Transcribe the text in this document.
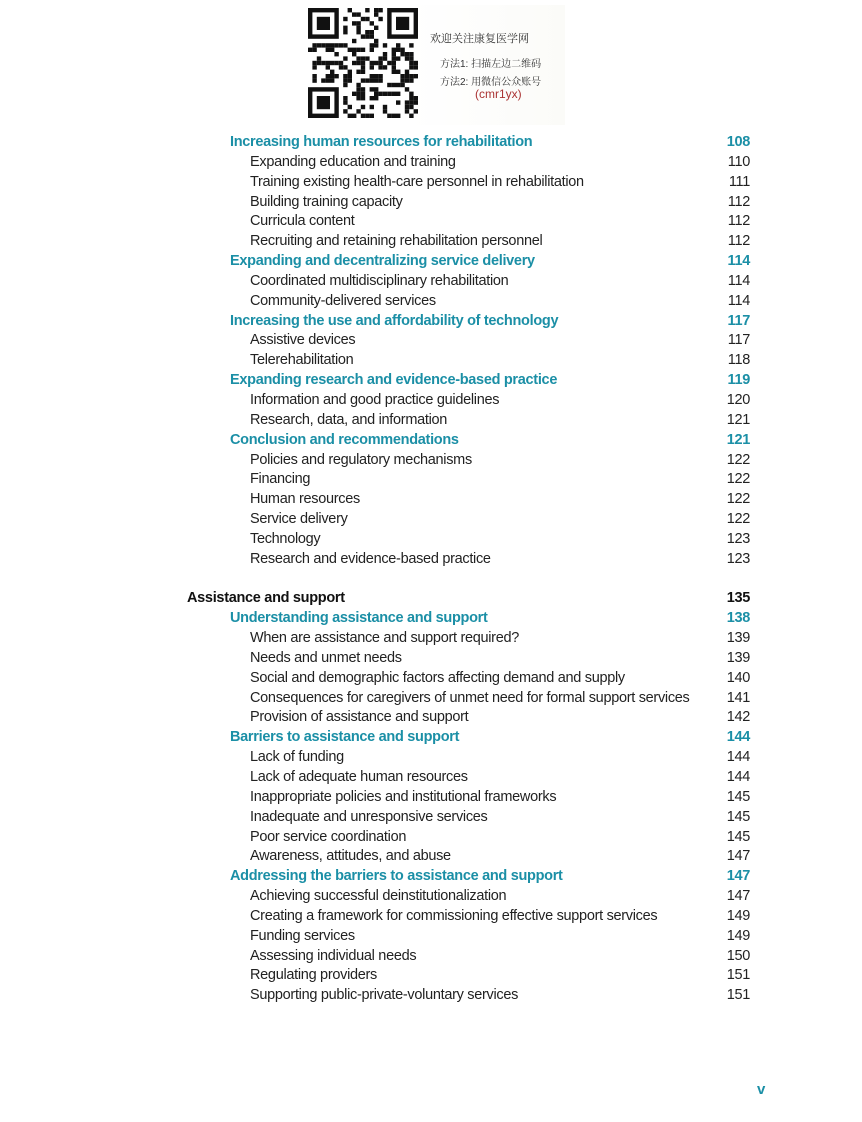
欢迎关注康复医学网
方法1: 扫描左边二维码
方法2: 用微信公众账号
(cmr1yx)
Increasing human resources for rehabilitation	108
Expanding education and training	110
Training existing health-care personnel in rehabilitation	111
Building training capacity	112
Curricula content	112
Recruiting and retaining rehabilitation personnel	112
Expanding and decentralizing service delivery	114
Coordinated multidisciplinary rehabilitation	114
Community-delivered services	114
Increasing the use and affordability of technology	117
Assistive devices	117
Telerehabilitation	118
Expanding research and evidence-based practice	119
Information and good practice guidelines	120
Research, data, and information	121
Conclusion and recommendations	121
Policies and regulatory mechanisms	122
Financing	122
Human resources	122
Service delivery	122
Technology	123
Research and evidence-based practice	123
Assistance and support	135
Understanding assistance and support	138
When are assistance and support required?	139
Needs and unmet needs	139
Social and demographic factors affecting demand and supply	140
Consequences for caregivers of unmet need for formal support services	141
Provision of assistance and support	142
Barriers to assistance and support	144
Lack of funding	144
Lack of adequate human resources	144
Inappropriate policies and institutional frameworks	145
Inadequate and unresponsive services	145
Poor service coordination	145
Awareness, attitudes, and abuse	147
Addressing the barriers to assistance and support	147
Achieving successful deinstitutionalization	147
Creating a framework for commissioning effective support services	149
Funding services	149
Assessing individual needs	150
Regulating providers	151
Supporting public-private-voluntary services	151
v
